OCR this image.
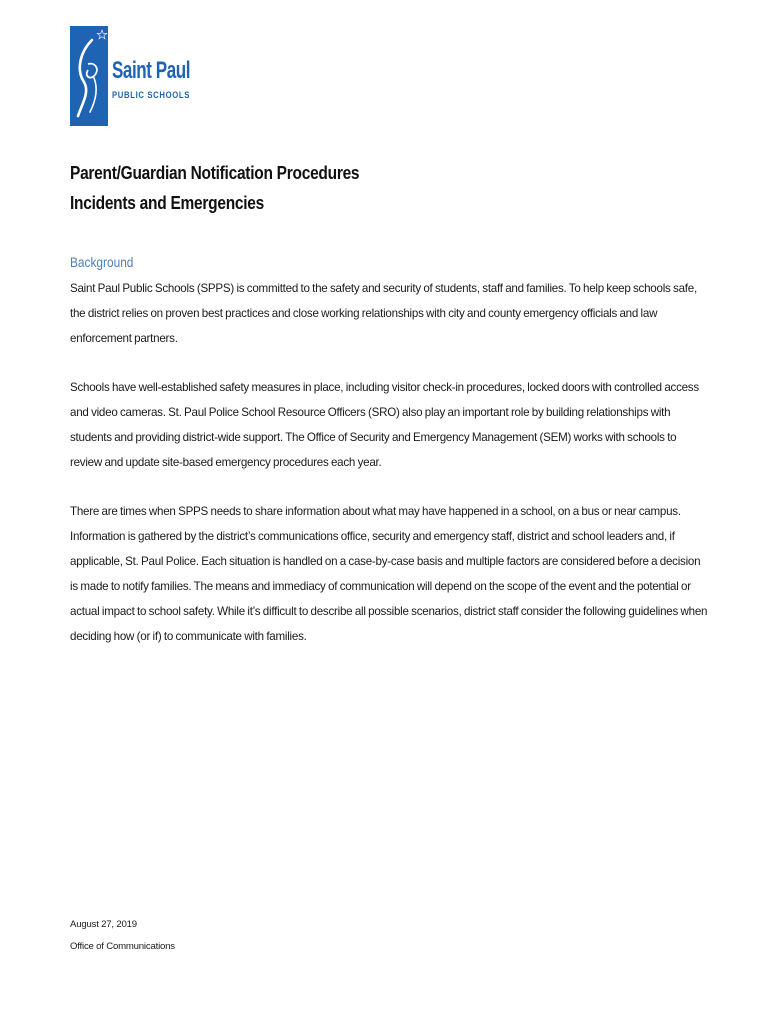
Saint Paul
PUBLIC SCHOOLS
Parent/Guardian Notification Procedures
Incidents and Emergencies
Background

Saint Paul Public Schools (SPPS) is committed to the safety and security of students, staff and families. To help keep schools safe, the district relies on proven best practices and close working relationships with city and county emergency officials and law enforcement partners.

Schools have well-established safety measures in place, including visitor check-in procedures, locked doors with controlled access and video cameras. St. Paul Police School Resource Officers (SRO) also play an important role by building relationships with students and providing district-wide support. The Office of Security and Emergency Management (SEM) works with schools to review and update site-based emergency procedures each year.

There are times when SPPS needs to share information about what may have happened in a school, on a bus or near campus. Information is gathered by the district’s communications office, security and emergency staff, district and school leaders and, if applicable, St. Paul Police. Each situation is handled on a case-by-case basis and multiple factors are considered before a decision is made to notify families. The means and immediacy of communication will depend on the scope of the event and the potential or actual impact to school safety. While it’s difficult to describe all possible scenarios, district staff consider the following guidelines when deciding how (or if) to communicate with families.

August 27, 2019
Office of Communications
